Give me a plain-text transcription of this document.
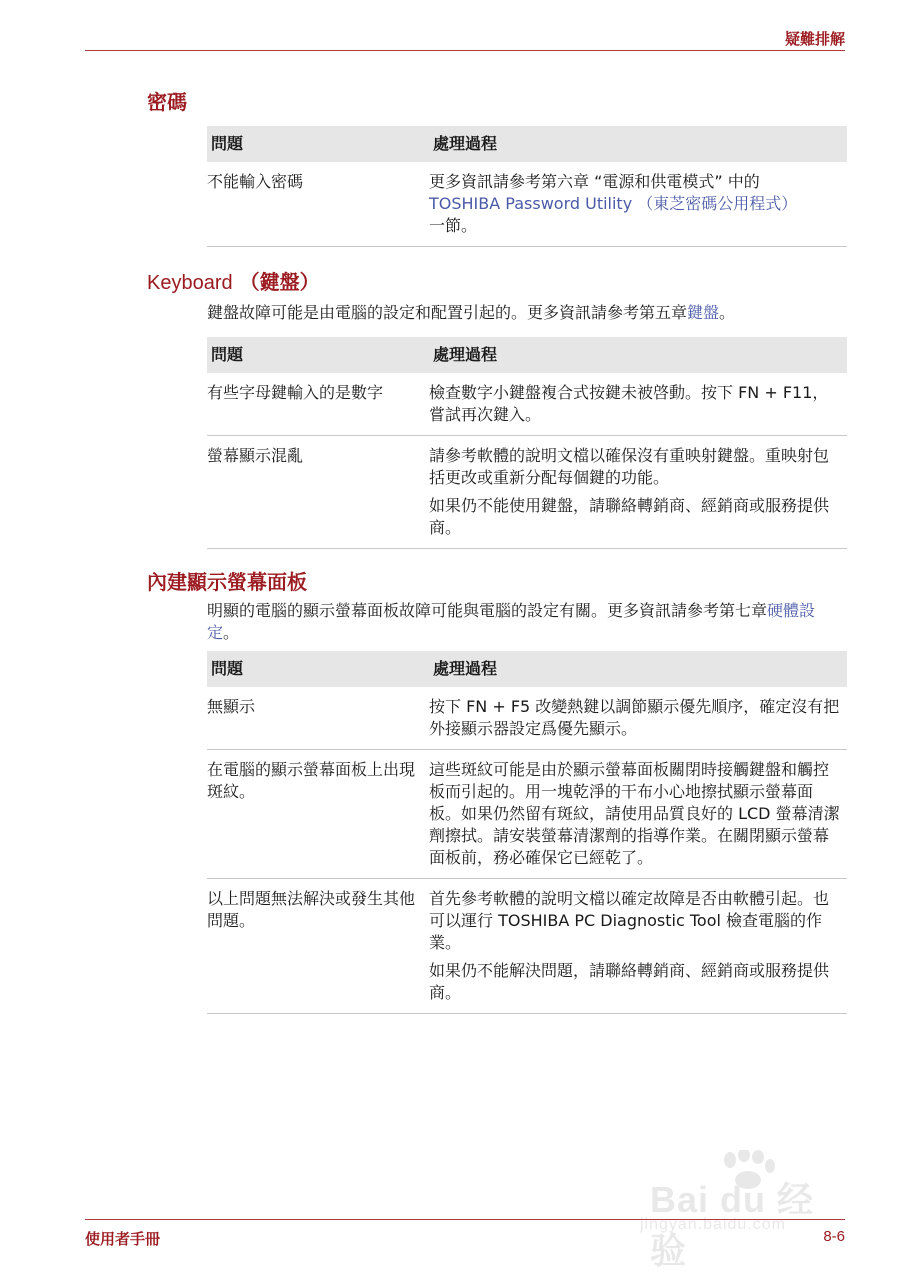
疑難排解
密碼
問題	處理過程
不能輸入密碼	更多資訊請參考第六章 “電源和供電模式” 中的
TOSHIBA Password Utility （東芝密碼公用程式）
一節。
Keyboard （鍵盤）
鍵盤故障可能是由電腦的設定和配置引起的。更多資訊請參考第五章鍵盤。
問題	處理過程
有些字母鍵輸入的是數字	檢查數字小鍵盤複合式按鍵未被啓動。按下 FN + F11，嘗試再次鍵入。
螢幕顯示混亂	請參考軟體的說明文檔以確保沒有重映射鍵盤。重映射包括更改或重新分配每個鍵的功能。

如果仍不能使用鍵盤，請聯絡轉銷商、經銷商或服務提供商。

內建顯示螢幕面板
明顯的電腦的顯示螢幕面板故障可能與電腦的設定有關。更多資訊請參考第七章硬體設定。
問題	處理過程
無顯示	按下 FN + F5 改變熱鍵以調節顯示優先順序，確定沒有把外接顯示器設定爲優先顯示。
在電腦的顯示螢幕面板上出現斑紋。	這些斑紋可能是由於顯示螢幕面板關閉時接觸鍵盤和觸控板而引起的。用一塊乾淨的干布小心地擦拭顯示螢幕面板。如果仍然留有斑紋，請使用品質良好的 LCD 螢幕清潔劑擦拭。請安裝螢幕清潔劑的指導作業。在關閉顯示螢幕面板前，務必確保它已經乾了。
以上問題無法解決或發生其他問題。	首先參考軟體的說明文檔以確定故障是否由軟體引起。也可以運行 TOSHIBA PC Diagnostic Tool 檢查電腦的作業。

如果仍不能解決問題，請聯絡轉銷商、經銷商或服務提供商。

Bai du 经验
jingyan.baidu.com
使用者手冊	8-6
